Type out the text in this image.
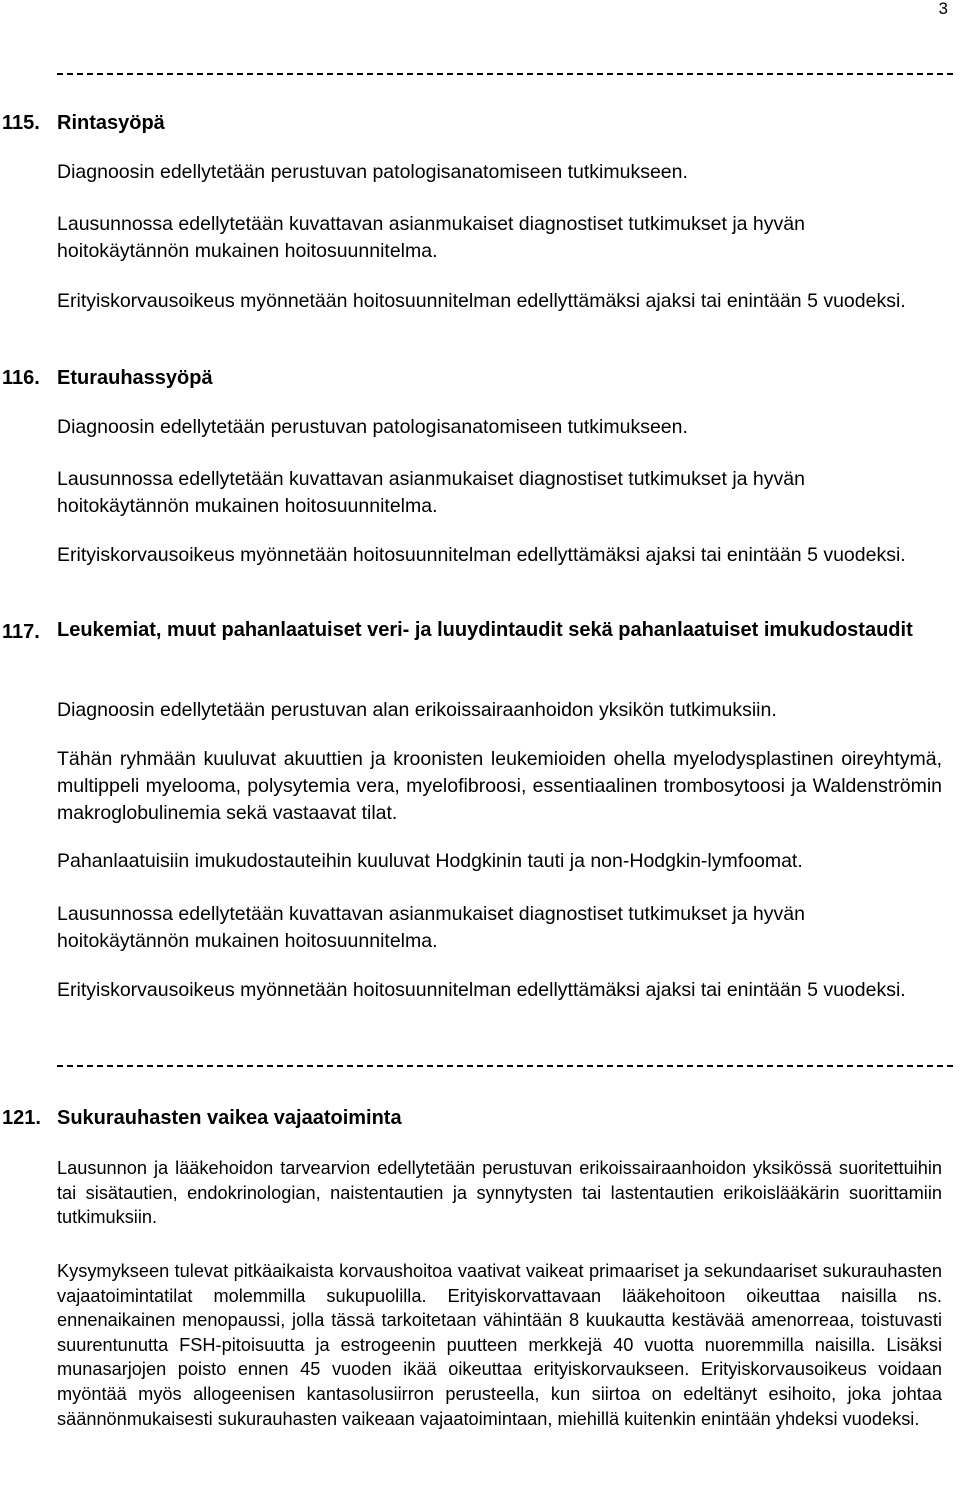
3
115. Rintasyöpä

Diagnoosin edellytetään perustuvan patologisanatomiseen tutkimukseen.

Lausunnossa edellytetään kuvattavan asianmukaiset diagnostiset tutkimukset ja hyvän hoitokäytännön mukainen hoitosuunnitelma.

Erityiskorvausoikeus myönnetään hoitosuunnitelman edellyttämäksi ajaksi tai enintään 5 vuodeksi.

116. Eturauhassyöpä

Diagnoosin edellytetään perustuvan patologisanatomiseen tutkimukseen.

Lausunnossa edellytetään kuvattavan asianmukaiset diagnostiset tutkimukset ja hyvän hoitokäytännön mukainen hoitosuunnitelma.

Erityiskorvausoikeus myönnetään hoitosuunnitelman edellyttämäksi ajaksi tai enintään 5 vuodeksi.

117. Leukemiat, muut pahanlaatuiset veri- ja luuydintaudit sekä pahanlaatuiset imukudostaudit

Diagnoosin edellytetään perustuvan alan erikoissairaanhoidon yksikön tutkimuksiin.

Tähän ryhmään kuuluvat akuuttien ja kroonisten leukemioiden ohella myelodysplastinen oireyhtymä, multippeli myelooma, polysytemia vera, myelofibroosi, essentiaalinen trombosytoosi ja Waldenströmin makroglobulinemia sekä vastaavat tilat.

Pahanlaatuisiin imukudostauteihin kuuluvat Hodgkinin tauti ja non-Hodgkin-lymfoomat.

Lausunnossa edellytetään kuvattavan asianmukaiset diagnostiset tutkimukset ja hyvän hoitokäytännön mukainen hoitosuunnitelma.

Erityiskorvausoikeus myönnetään hoitosuunnitelman edellyttämäksi ajaksi tai enintään 5 vuodeksi.

121. Sukurauhasten vaikea vajaatoiminta

Lausunnon ja lääkehoidon tarvearvion edellytetään perustuvan erikoissairaanhoidon yksikössä suoritettuihin tai sisätautien, endokrinologian, naistentautien ja synnytysten tai lastentautien erikoislääkärin suorittamiin tutkimuksiin.

Kysymykseen tulevat pitkäaikaista korvaushoitoa vaativat vaikeat primaariset ja sekundaariset sukurauhasten vajaatoimintatilat molemmilla sukupuolilla. Erityiskorvattavaan lääkehoitoon oikeuttaa naisilla ns. ennenaikainen menopaussi, jolla tässä tarkoitetaan vähintään 8 kuukautta kestävää amenorreaa, toistuvasti suurentunutta FSH-pitoisuutta ja estrogeenin puutteen merkkejä 40 vuotta nuoremmilla naisilla. Lisäksi munasarjojen poisto ennen 45 vuoden ikää oikeuttaa erityiskorvaukseen. Erityiskorvausoikeus voidaan myöntää myös allogeenisen kantasolusiirron perusteella, kun siirtoa on edeltänyt esihoito, joka johtaa säännönmukaisesti sukurauhasten vaikeaan vajaatoimintaan, miehillä kuitenkin enintään yhdeksi vuodeksi.
